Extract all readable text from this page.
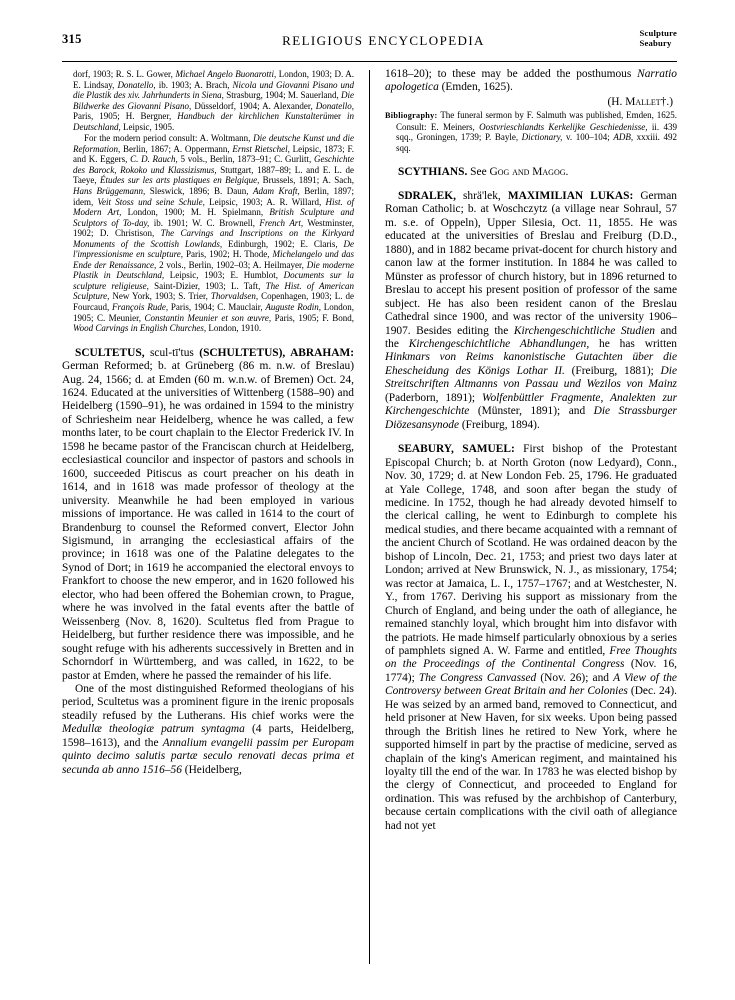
315	RELIGIOUS ENCYCLOPEDIA	Sculpture
Seabury

dorf, 1903; R. S. L. Gower, Michael Angelo Buonarotti, London, 1903; D. A. E. Lindsay, Donatello, ib. 1903; A. Brach, Nicola und Giovanni Pisano und die Plastik des xiv. Jahrhunderts in Siena, Strasburg, 1904; M. Sauerland, Die Bildwerke des Giovanni Pisano, Düsseldorf, 1904; A. Alexander, Donatello, Paris, 1905; H. Bergner, Handbuch der kirchlichen Kunstalterümer in Deutschland, Leipsic, 1905.

For the modern period consult: A. Woltmann, Die deutsche Kunst und die Reformation, Berlin, 1867; A. Oppermann, Ernst Rietschel, Leipsic, 1873; F. and K. Eggers, C. D. Rauch, 5 vols., Berlin, 1873–91; C. Gurlitt, Geschichte des Barock, Rokoko und Klassizismus, Stuttgart, 1887–89; L. and E. L. de Taeye, Études sur les arts plastiques en Belgique, Brussels, 1891; A. Sach, Hans Brüggemann, Sleswick, 1896; B. Daun, Adam Kraft, Berlin, 1897; idem, Veit Stoss und seine Schule, Leipsic, 1903; A. R. Willard, Hist. of Modern Art, London, 1900; M. H. Spielmann, British Sculpture and Sculptors of To-day, ib. 1901; W. C. Brownell, French Art, Westminster, 1902; D. Christison, The Carvings and Inscriptions on the Kirkyard Monuments of the Scottish Lowlands, Edinburgh, 1902; E. Claris, De l'impressionisme en sculpture, Paris, 1902; H. Thode, Michelangelo und das Ende der Renaissance, 2 vols., Berlin, 1902–03; A. Heilmayer, Die moderne Plastik in Deutschland, Leipsic, 1903; E. Humblot, Documents sur la sculpture religieuse, Saint-Dizier, 1903; L. Taft, The Hist. of American Sculpture, New York, 1903; S. Trier, Thorvaldsen, Copenhagen, 1903; L. de Fourcaud, François Rude, Paris, 1904; C. Mauclair, Auguste Rodin, London, 1905; C. Meunier, Constantin Meunier et son œuvre, Paris, 1905; F. Bond, Wood Carvings in English Churches, London, 1910.

SCULTETUS, scul-tī'tus (SCHULTETUS), ABRAHAM: German Reformed; b. at Grüneberg (86 m. n.w. of Breslau) Aug. 24, 1566; d. at Emden (60 m. w.n.w. of Bremen) Oct. 24, 1624. Educated at the universities of Wittenberg (1588–90) and Heidelberg (1590–91), he was ordained in 1594 to the ministry of Schriesheim near Heidelberg, whence he was called, a few months later, to be court chaplain to the Elector Frederick IV. In 1598 he became pastor of the Franciscan church at Heidelberg, ecclesiastical councilor and inspector of pastors and schools in 1600, succeeded Pitiscus as court preacher on his death in 1614, and in 1618 was made professor of theology at the university. Meanwhile he had been employed in various missions of importance. He was called in 1614 to the court of Brandenburg to counsel the Reformed convert, Elector John Sigismund, in arranging the ecclesiastical affairs of the province; in 1618 was one of the Palatine delegates to the Synod of Dort; in 1619 he accompanied the electoral envoys to Frankfort to choose the new emperor, and in 1620 followed his elector, who had been offered the Bohemian crown, to Prague, where he was involved in the fatal events after the battle of Weissenberg (Nov. 8, 1620). Scultetus fled from Prague to Heidelberg, but further residence there was impossible, and he sought refuge with his adherents successively in Bretten and in Schorndorf in Württemberg, and was called, in 1622, to be pastor at Emden, where he passed the remainder of his life.

One of the most distinguished Reformed theologians of his period, Scultetus was a prominent figure in the irenic proposals steadily refused by the Lutherans. His chief works were the Medullæ theologiæ patrum syntagma (4 parts, Heidelberg, 1598–1613), and the Annalium evangelii passim per Europam quinto decimo salutis partæ seculo renovati decas prima et secunda ab anno 1516–56 (Heidelberg,

1618–20); to these may be added the posthumous Narratio apologetica (Emden, 1625).

(H. Mallet†.)

Bibliography: The funeral sermon by F. Salmuth was published, Emden, 1625. Consult: E. Meiners, Oostvrieschlandts Kerkelijke Geschiedenisse, ii. 439 sqq., Groningen, 1739; P. Bayle, Dictionary, v. 100–104; ADB, xxxiii. 492 sqq.

SCYTHIANS. See Gog and Magog.

SDRALEK, shrä'lek, MAXIMILIAN LUKAS: German Roman Catholic; b. at Woschczytz (a village near Sohraul, 57 m. s.e. of Oppeln), Upper Silesia, Oct. 11, 1855. He was educated at the universities of Breslau and Freiburg (D.D., 1880), and in 1882 became privat-docent for church history and canon law at the former institution. In 1884 he was called to Münster as professor of church history, but in 1896 returned to Breslau to accept his present position of professor of the same subject. He has also been resident canon of the Breslau Cathedral since 1900, and was rector of the university 1906–1907. Besides editing the Kirchengeschichtliche Studien and the Kirchengeschichtliche Abhandlungen, he has written Hinkmars von Reims kanonistische Gutachten über die Ehescheidung des Königs Lothar II. (Freiburg, 1881); Die Streitschriften Altmanns von Passau und Wezilos von Mainz (Paderborn, 1891); Wolfenbüttler Fragmente, Analekten zur Kirchengeschichte (Münster, 1891); and Die Strassburger Diözesansynode (Freiburg, 1894).

SEABURY, SAMUEL: First bishop of the Protestant Episcopal Church; b. at North Groton (now Ledyard), Conn., Nov. 30, 1729; d. at New London Feb. 25, 1796. He graduated at Yale College, 1748, and soon after began the study of medicine. In 1752, though he had already devoted himself to the clerical calling, he went to Edinburgh to complete his medical studies, and there became acquainted with a remnant of the ancient Church of Scotland. He was ordained deacon by the bishop of Lincoln, Dec. 21, 1753; and priest two days later at London; arrived at New Brunswick, N. J., as missionary, 1754; was rector at Jamaica, L. I., 1757–1767; and at Westchester, N. Y., from 1767. Deriving his support as missionary from the Church of England, and being under the oath of allegiance, he remained stanchly loyal, which brought him into disfavor with the patriots. He made himself particularly obnoxious by a series of pamphlets signed A. W. Farme and entitled, Free Thoughts on the Proceedings of the Continental Congress (Nov. 16, 1774); The Congress Canvassed (Nov. 26); and A View of the Controversy between Great Britain and her Colonies (Dec. 24). He was seized by an armed band, removed to Connecticut, and held prisoner at New Haven, for six weeks. Upon being passed through the British lines he retired to New York, where he supported himself in part by the practise of medicine, served as chaplain of the king's American regiment, and maintained his loyalty till the end of the war. In 1783 he was elected bishop by the clergy of Connecticut, and proceeded to England for ordination. This was refused by the archbishop of Canterbury, because certain complications with the civil oath of allegiance had not yet
